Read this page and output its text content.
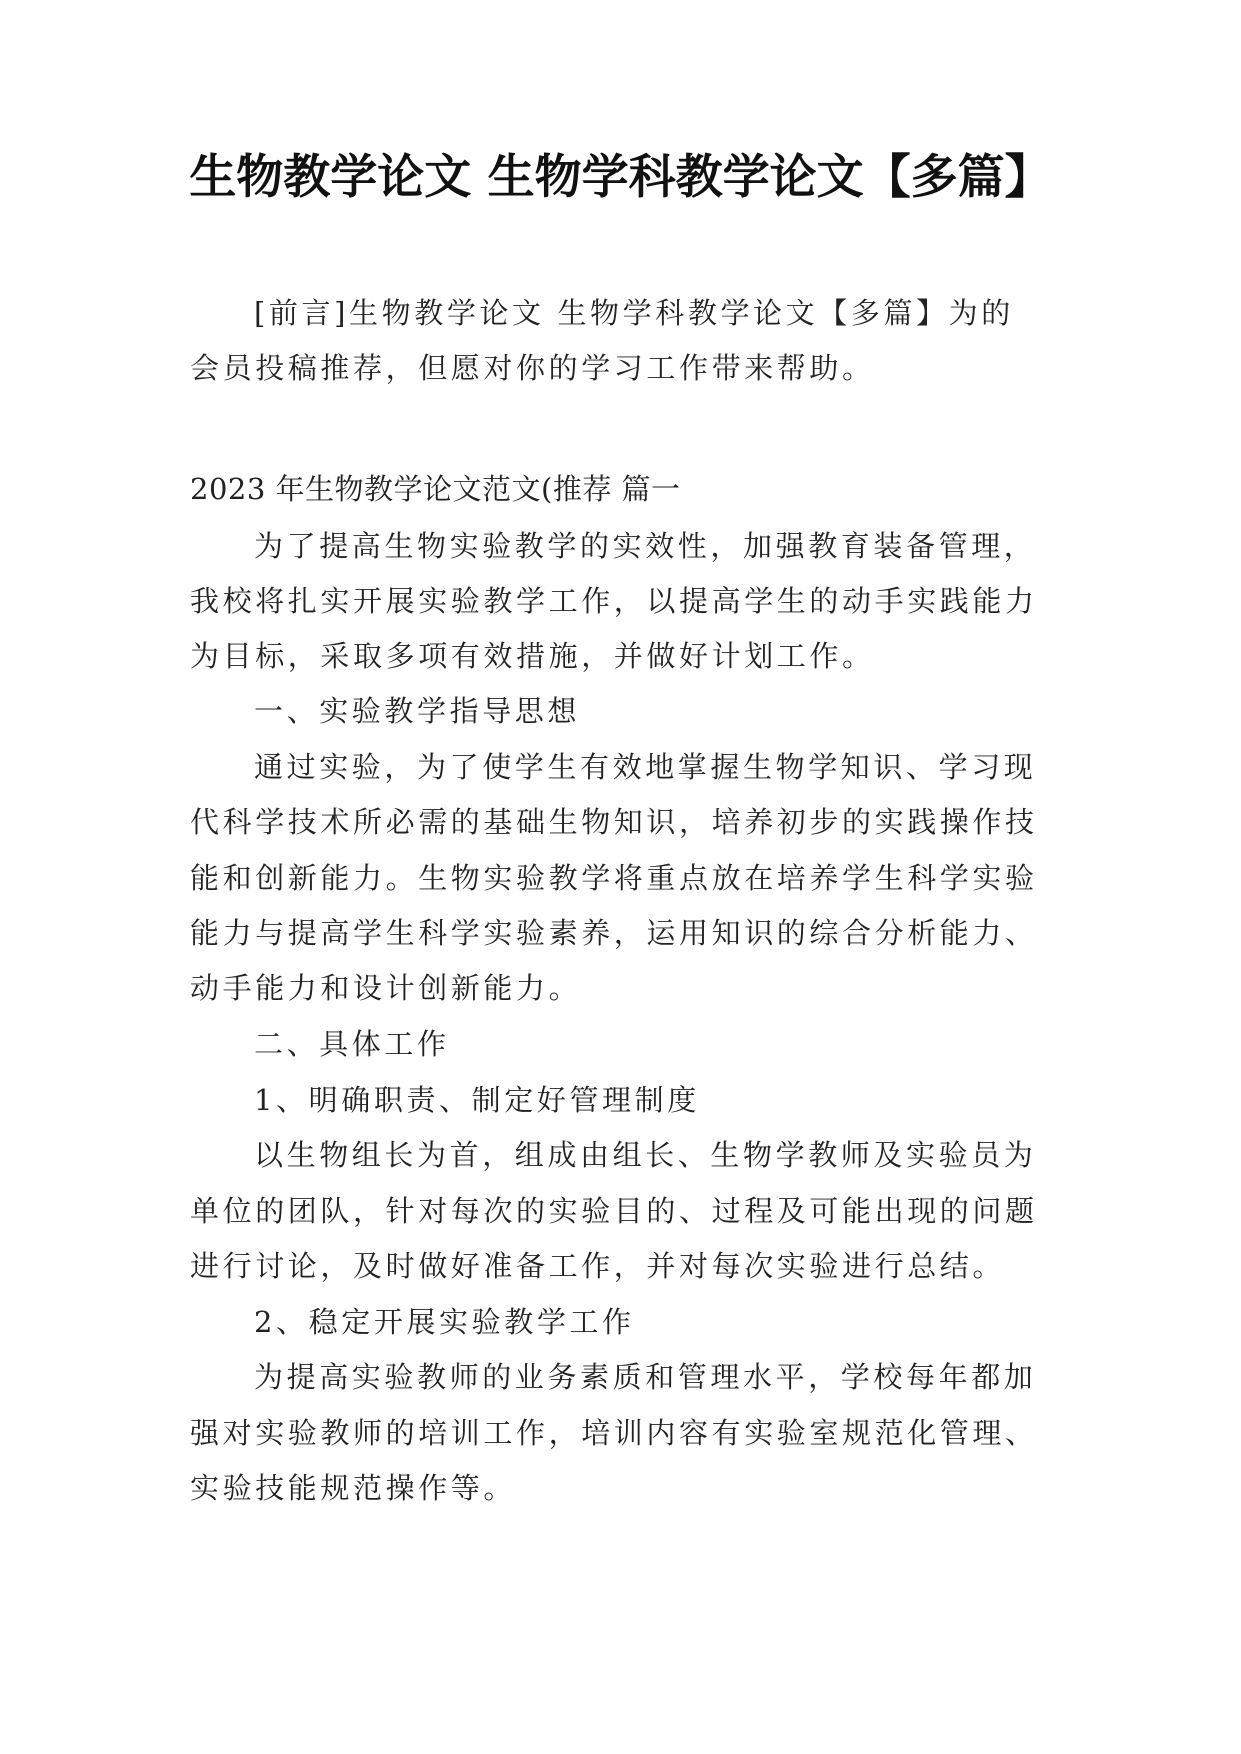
生物教学论文 生物学科教学论文【多篇】
[前言]生物教学论文 生物学科教学论文【多篇】为的
会员投稿推荐，但愿对你的学习工作带来帮助。
2023 年生物教学论文范文(推荐 篇一
为了提高生物实验教学的实效性，加强教育装备管理，
我校将扎实开展实验教学工作，以提高学生的动手实践能力
为目标，采取多项有效措施，并做好计划工作。
一、实验教学指导思想
通过实验，为了使学生有效地掌握生物学知识、学习现
代科学技术所必需的基础生物知识，培养初步的实践操作技
能和创新能力。生物实验教学将重点放在培养学生科学实验
能力与提高学生科学实验素养，运用知识的综合分析能力、
动手能力和设计创新能力。
二、具体工作
1、明确职责、制定好管理制度
以生物组长为首，组成由组长、生物学教师及实验员为
单位的团队，针对每次的实验目的、过程及可能出现的问题
进行讨论，及时做好准备工作，并对每次实验进行总结。
2、稳定开展实验教学工作
为提高实验教师的业务素质和管理水平，学校每年都加
强对实验教师的培训工作，培训内容有实验室规范化管理、
实验技能规范操作等。
